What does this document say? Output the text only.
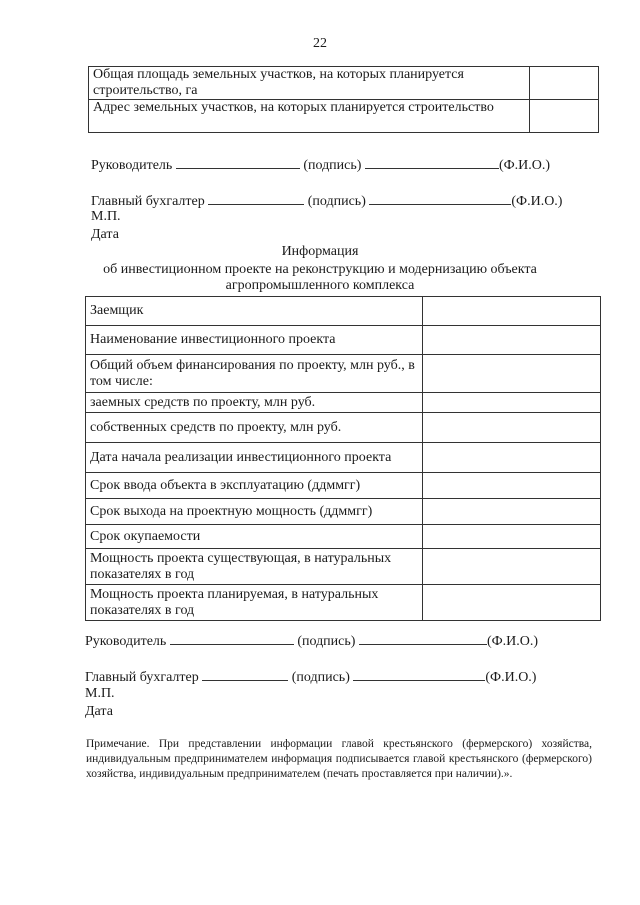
22
Общая площадь земельных участков, на которых планируется строительство, га	
Адрес земельных участков, на которых планируется строительство	
Руководитель	(подпись)	(Ф.И.О.)
Главный бухгалтер	(подпись)	(Ф.И.О.)
М.П.
Дата
Информация
об инвестиционном проекте на реконструкцию и модернизацию объекта
агропромышленного комплекса
Заемщик	
Наименование инвестиционного проекта	
Общий объем финансирования по проекту, млн руб., в том числе:	
заемных средств по проекту, млн руб.	
собственных средств по проекту, млн руб.	
Дата начала реализации инвестиционного проекта	
Срок ввода объекта в эксплуатацию (ддммгг)	
Срок выхода на проектную мощность (ддммгг)	
Срок окупаемости	
Мощность проекта существующая, в натуральных показателях в год	
Мощность проекта планируемая, в натуральных показателях в год	
Руководитель	(подпись)	(Ф.И.О.)
Главный бухгалтер	(подпись)	(Ф.И.О.)
М.П.
Дата
Примечание. При представлении информации главой крестьянского (фермерского) хозяйства, индивидуальным предпринимателем информация подписывается главой крестьянского (фермерского) хозяйства, индивидуальным предпринимателем (печать проставляется при наличии).».
